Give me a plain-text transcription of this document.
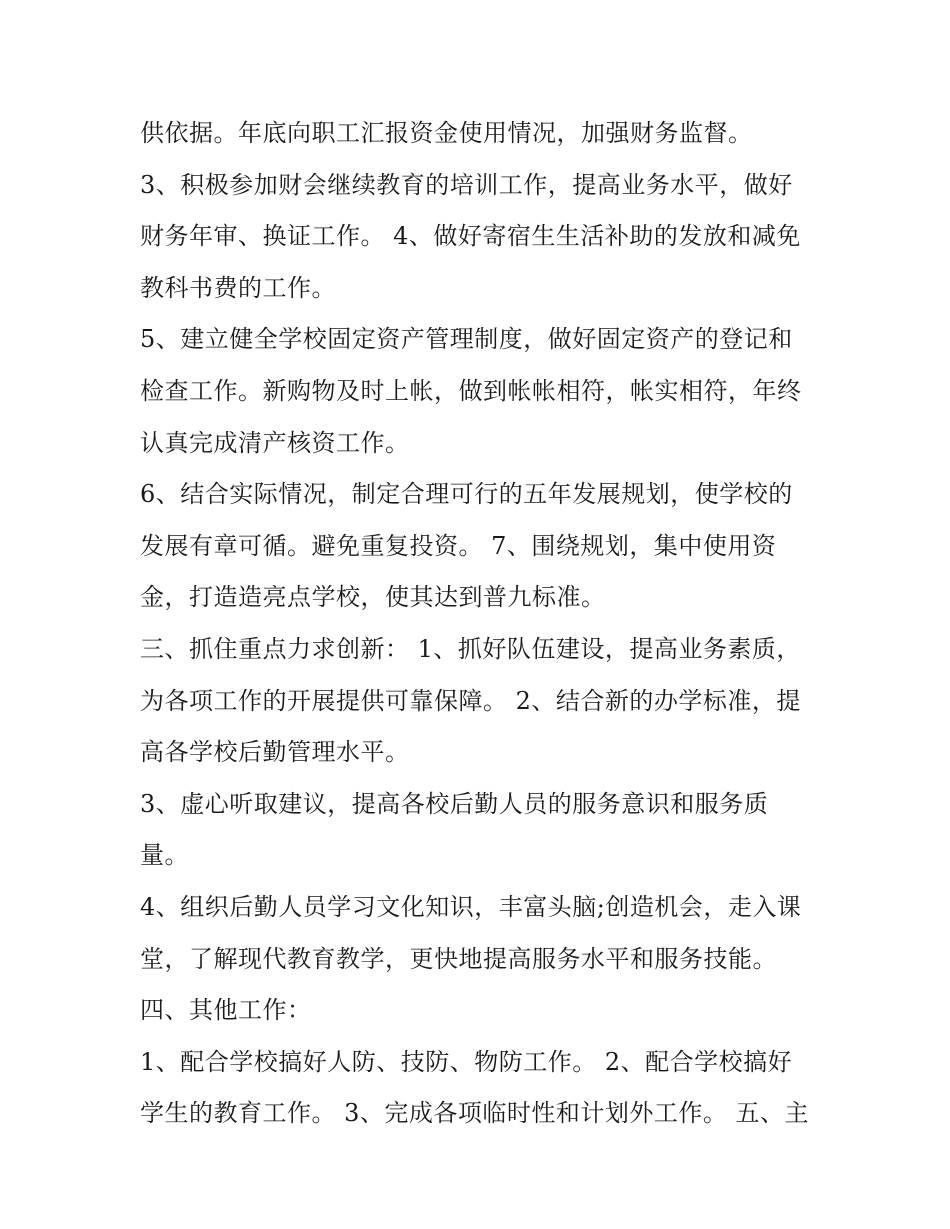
供依据。年底向职工汇报资金使用情况，加强财务监督。
3、积极参加财会继续教育的培训工作，提高业务水平，做好
财务年审、换证工作。 4、做好寄宿生生活补助的发放和减免
教科书费的工作。
5、建立健全学校固定资产管理制度，做好固定资产的登记和
检查工作。新购物及时上帐，做到帐帐相符，帐实相符，年终
认真完成清产核资工作。
6、结合实际情况，制定合理可行的五年发展规划，使学校的
发展有章可循。避免重复投资。 7、围绕规划，集中使用资
金，打造造亮点学校，使其达到普九标准。
三、抓住重点力求创新： 1、抓好队伍建设，提高业务素质，
为各项工作的开展提供可靠保障。 2、结合新的办学标准，提
高各学校后勤管理水平。
3、虚心听取建议，提高各校后勤人员的服务意识和服务质
量。
4、组织后勤人员学习文化知识，丰富头脑;创造机会，走入课
堂，了解现代教育教学，更快地提高服务水平和服务技能。
四、其他工作：
1、配合学校搞好人防、技防、物防工作。 2、配合学校搞好
学生的教育工作。 3、完成各项临时性和计划外工作。 五、主
